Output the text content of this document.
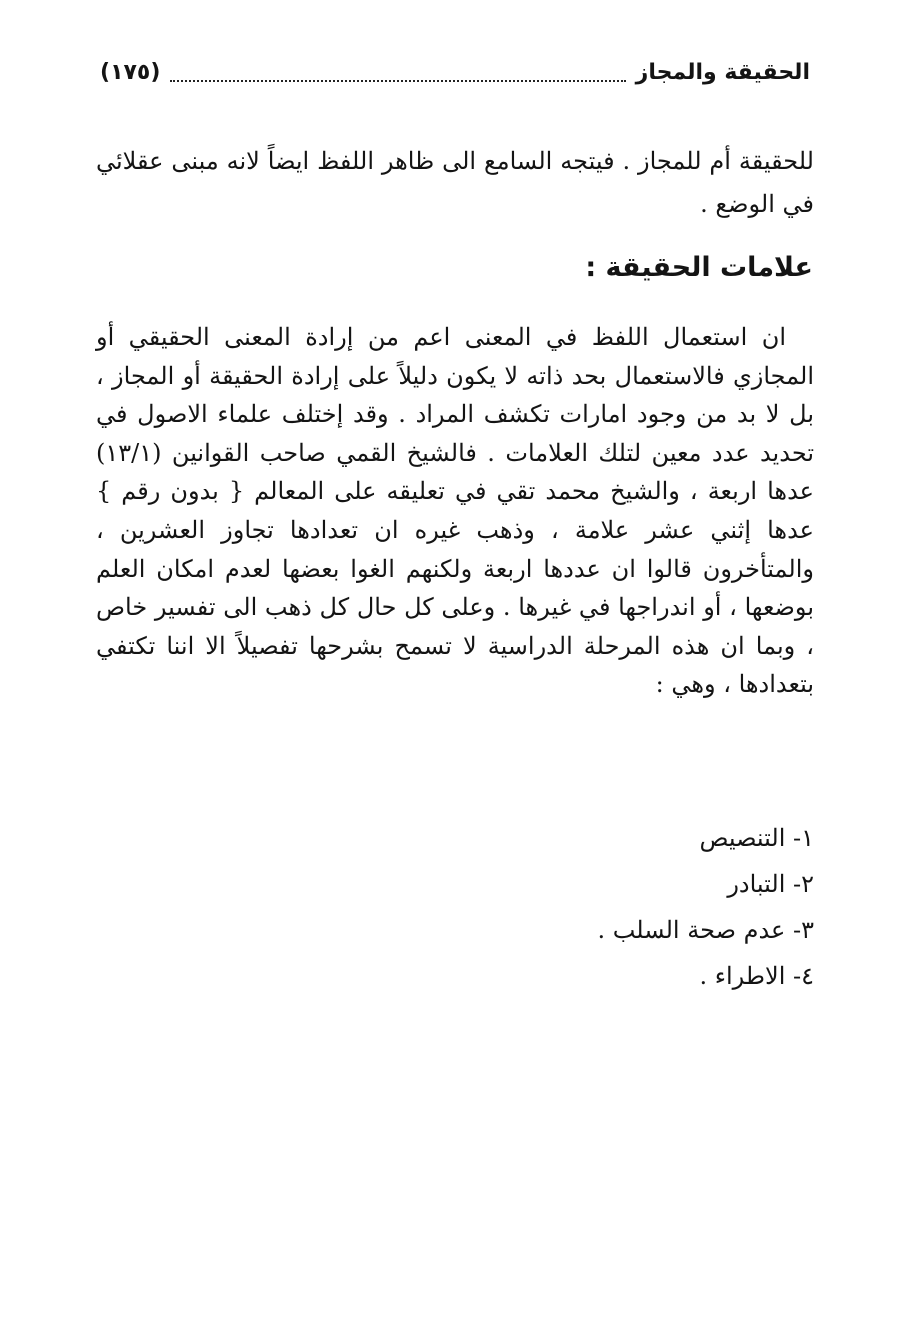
الحقيقة والمجاز
(١٧٥)
للحقيقة أم للمجاز . فيتجه السامع الى ظاهر اللفظ ايضاً لانه مبنى عقلائي في الوضع .
علامات الحقيقة :
ان استعمال اللفظ في المعنى اعم من إرادة المعنى الحقيقي أو المجازي فالاستعمال بحد ذاته لا يكون دليلاً على إرادة الحقيقة أو المجاز ، بل لا بد من وجود امارات تكشف المراد . وقد إختلف علماء الاصول في تحديد عدد معين لتلك العلامات . فالشيخ القمي صاحب القوانين (١٣/١) عدها اربعة ، والشيخ محمد تقي في تعليقه على المعالم { بدون رقم } عدها إثني عشر علامة ، وذهب غيره ان تعدادها تجاوز العشرين ، والمتأخرون قالوا ان عددها اربعة ولكنهم الغوا بعضها لعدم امكان العلم بوضعها ، أو اندراجها في غيرها . وعلى كل حال كل ذهب الى تفسير خاص ، وبما ان هذه المرحلة الدراسية لا تسمح بشرحها تفصيلاً الا اننا تكتفي بتعدادها ، وهي :
١- التنصيص
٢- التبادر
٣- عدم صحة السلب .
٤- الاطراء .
